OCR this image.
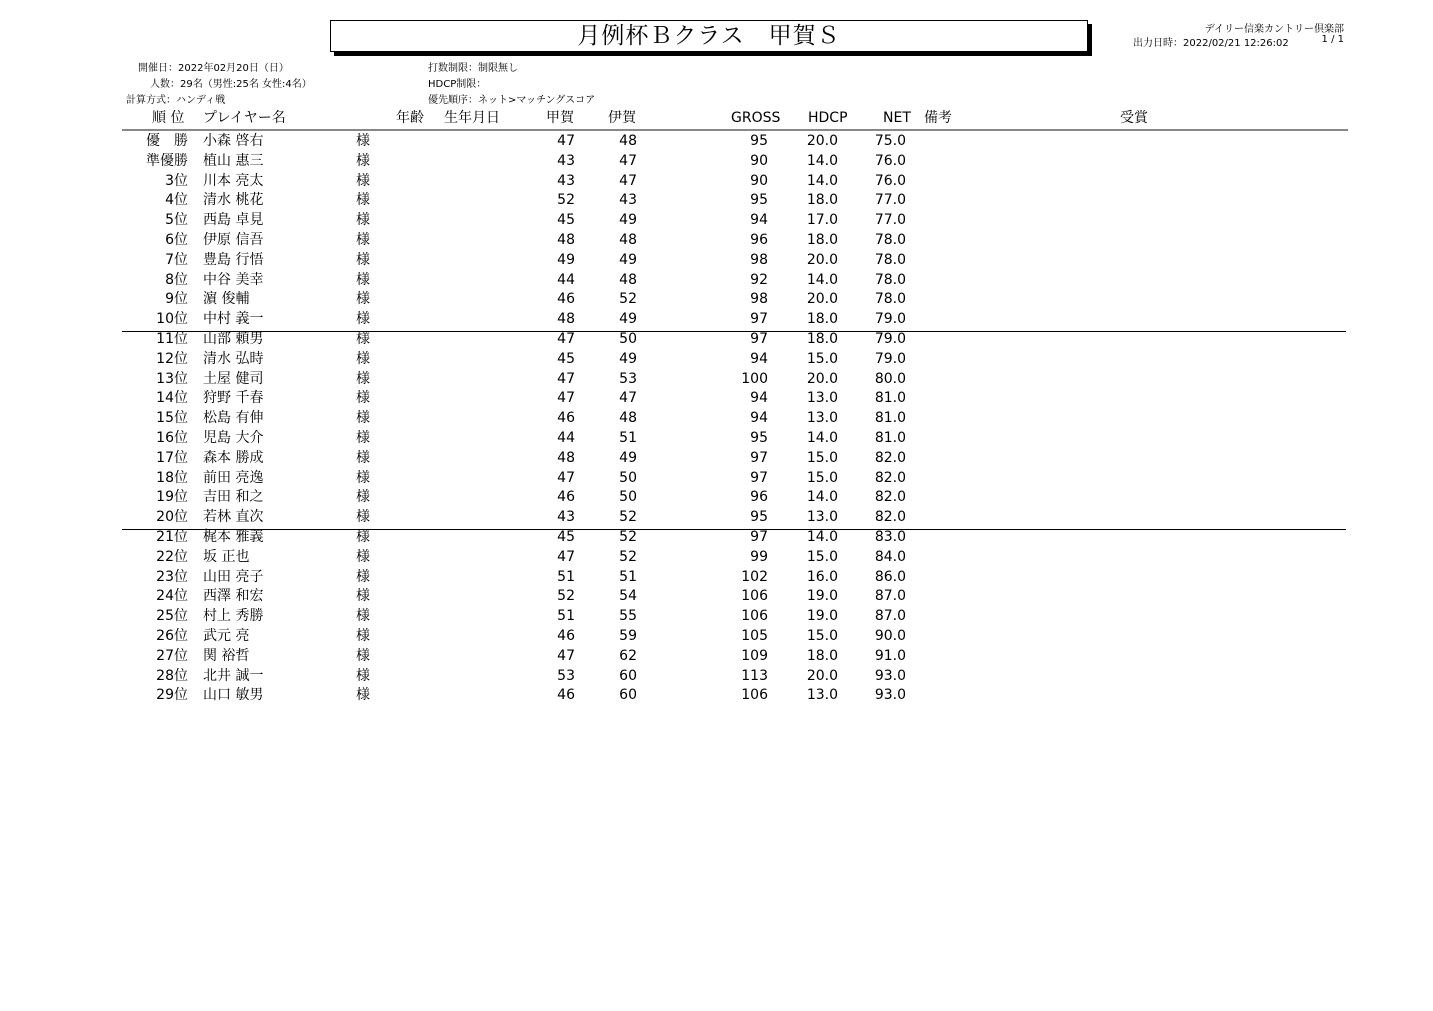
月例杯Ｂクラス　甲賀Ｓ	デイリー信楽カントリー倶楽部
出力日時：2022/02/21 12:26:02	1 / 1
開催日：2022年02月20日（日）
人数：29名（男性:25名 女性:4名）
計算方式：ハンディ戦
打数制限：制限無し
HDCP制限：
優先順序：ネット>マッチングスコア
順 位 プレイヤー名	年齢 生年月日	甲賀 伊賀	GROSS HDCP	NET 備考	受賞
優　勝 小森 啓右	様	47	48	95	20.0	75.0
準優勝 植山 惠三	様	43	47	90	14.0	76.0
3位 川本 亮太	様	43	47	90	14.0	76.0
4位 清水 桃花	様	52	43	95	18.0	77.0
5位 西島 卓見	様	45	49	94	17.0	77.0
6位 伊原 信吾	様	48	48	96	18.0	78.0
7位 豊島 行悟	様	49	49	98	20.0	78.0
8位 中谷 美幸	様	44	48	92	14.0	78.0
9位 濵 俊輔	様	46	52	98	20.0	78.0
10位 中村 義一	様	48	49	97	18.0	79.0
11位 山部 頼男	様	47	50	97	18.0	79.0
12位 清水 弘時	様	45	49	94	15.0	79.0
13位 土屋 健司	様	47	53	100	20.0	80.0
14位 狩野 千春	様	47	47	94	13.0	81.0
15位 松島 有伸	様	46	48	94	13.0	81.0
16位 児島 大介	様	44	51	95	14.0	81.0
17位 森本 勝成	様	48	49	97	15.0	82.0
18位 前田 亮逸	様	47	50	97	15.0	82.0
19位 吉田 和之	様	46	50	96	14.0	82.0
20位 若林 直次	様	43	52	95	13.0	82.0
21位 梶本 雅義	様	45	52	97	14.0	83.0
22位 坂 正也	様	47	52	99	15.0	84.0
23位 山田 亮子	様	51	51	102	16.0	86.0
24位 西澤 和宏	様	52	54	106	19.0	87.0
25位 村上 秀勝	様	51	55	106	19.0	87.0
26位 武元 亮	様	46	59	105	15.0	90.0
27位 関 裕哲	様	47	62	109	18.0	91.0
28位 北井 誠一	様	53	60	113	20.0	93.0
29位 山口 敏男	様	46	60	106	13.0	93.0
